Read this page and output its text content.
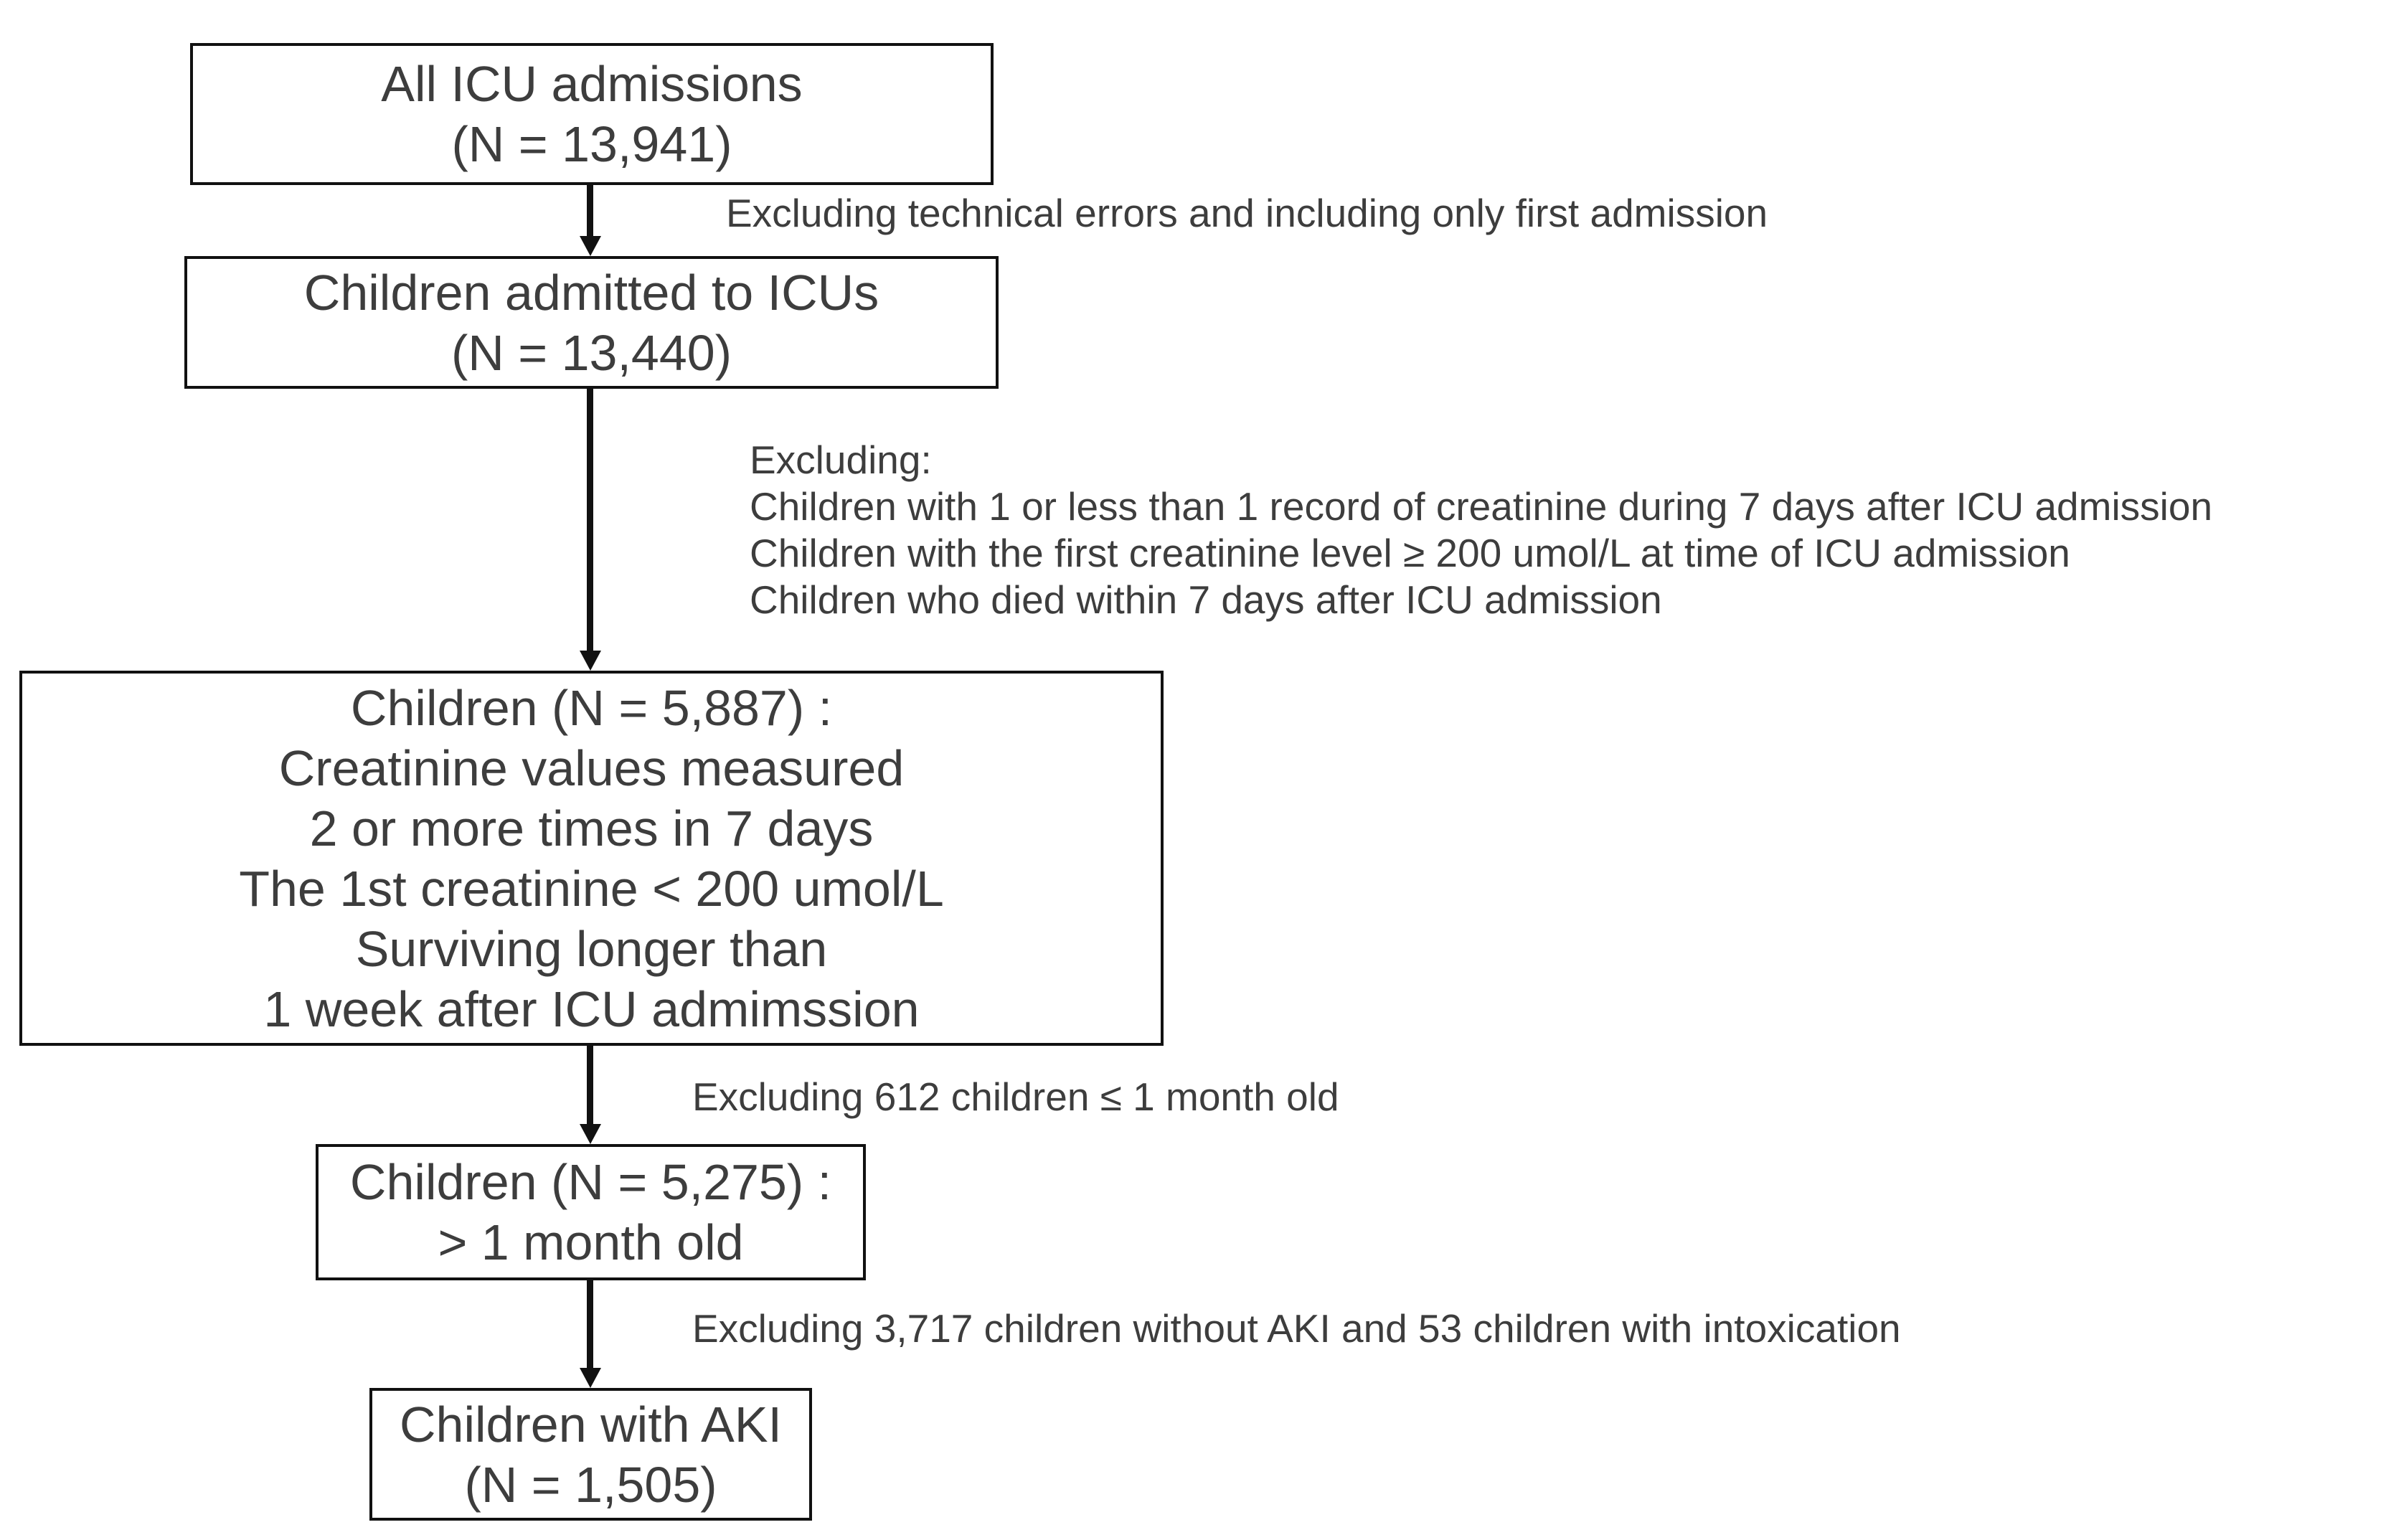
All ICU admissions
(N = 13,941)
Children admitted to ICUs
(N = 13,440)
Children (N = 5,887) :
Creatinine values measured
2 or more times in 7 days
The 1st creatinine < 200 umol/L
Surviving longer than
1 week after ICU admimssion
Children (N = 5,275) :
> 1 month old
Children with AKI
(N = 1,505)
Excluding technical errors and including only first admission
Excluding:
Children with 1 or less than 1 record of creatinine during 7 days after ICU admission
Children with the first creatinine level ≥ 200 umol/L at time of ICU admission
Children who died within 7 days after ICU admission
Excluding 612 children ≤ 1 month old
Excluding 3,717 children without AKI and 53 children with intoxication
